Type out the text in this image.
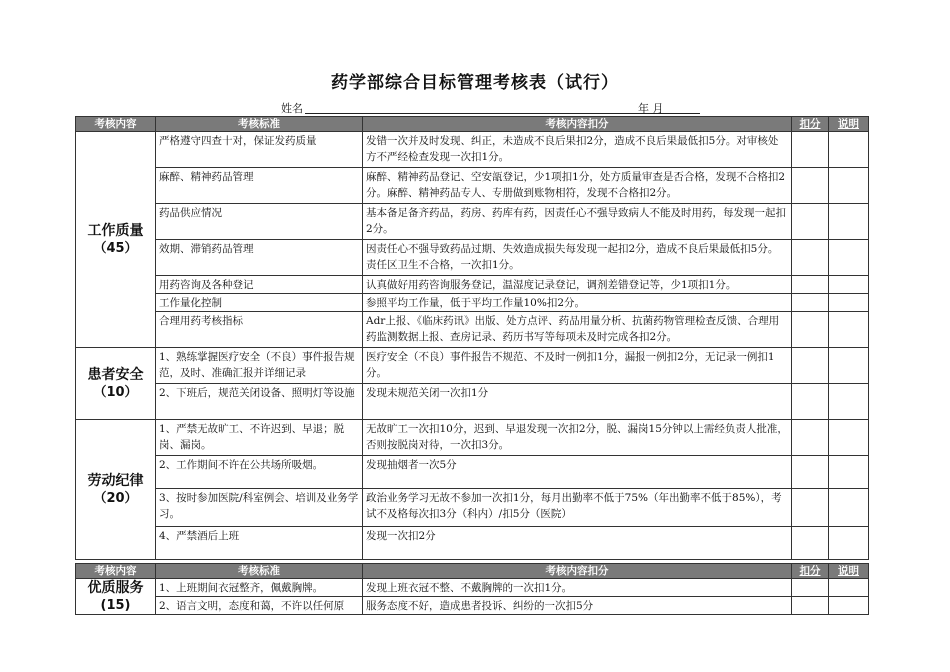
药学部综合目标管理考核表（试行）
姓名	年 月
考核内容	考核标准	考核内容扣分	扣分	说明

工作质量
（45）	严格遵守四查十对，保证发药质量	发错一次并及时发现、纠正，未造成不良后果扣2分，造成不良后果最低扣5分。对审核处方不严经检查发现一次扣1分。		
	麻醉、精神药品管理	麻醉、精神药品登记、空安瓿登记，少1项扣1分，处方质量审查是否合格，发现不合格扣2分。麻醉、精神药品专人、专册做到账物相符，发现不合格扣2分。		
	药品供应情况	基本备足备齐药品，药房、药库有药，因责任心不强导致病人不能及时用药，每发现一起扣2分。		
	效期、滞销药品管理	因责任心不强导致药品过期、失效造成损失每发现一起扣2分，造成不良后果最低扣5分。责任区卫生不合格，一次扣1分。		
	用药咨询及各种登记	认真做好用药咨询服务登记，温湿度记录登记，调剂差错登记等，少1项扣1分。		
	工作量化控制	参照平均工作量，低于平均工作量10%扣2分。		
	合理用药考核指标	Adr上报、《临床药讯》出版、处方点评、药品用量分析、抗菌药物管理检查反馈、合理用药监测数据上报、查房记录、药历书写等每项未及时完成各扣2分。		

患者安全
（10）	1、熟练掌握医疗安全（不良）事件报告规范，及时、准确汇报并详细记录	医疗安全（不良）事件报告不规范、不及时一例扣1分，漏报一例扣2分，无记录一例扣1分。		
	2、下班后，规范关闭设备、照明灯等设施	发现未规范关闭一次扣1分		

劳动纪律
（20）	1、严禁无故旷工、不许迟到、早退；脱岗、漏岗。	无故旷工一次扣10分，迟到、早退发现一次扣2分，脱、漏岗15分钟以上需经负责人批准，否则按脱岗对待，一次扣3分。		
	2、工作期间不许在公共场所吸烟。	发现抽烟者一次5分		
	3、按时参加医院/科室例会、培训及业务学习。	政治业务学习无故不参加一次扣1分，每月出勤率不低于75%（年出勤率不低于85%），考试不及格每次扣3分（科内）/扣5分（医院）		
	4、严禁酒后上班	发现一次扣2分		
考核内容	考核标准	考核内容扣分	扣分	说明

优质服务
(15)	1、上班期间衣冠整齐，佩戴胸牌。	发现上班衣冠不整、不戴胸牌的一次扣1分。		
	2、语言文明，态度和蔼，不许以任何原	服务态度不好，造成患者投诉、纠纷的一次扣5分		
